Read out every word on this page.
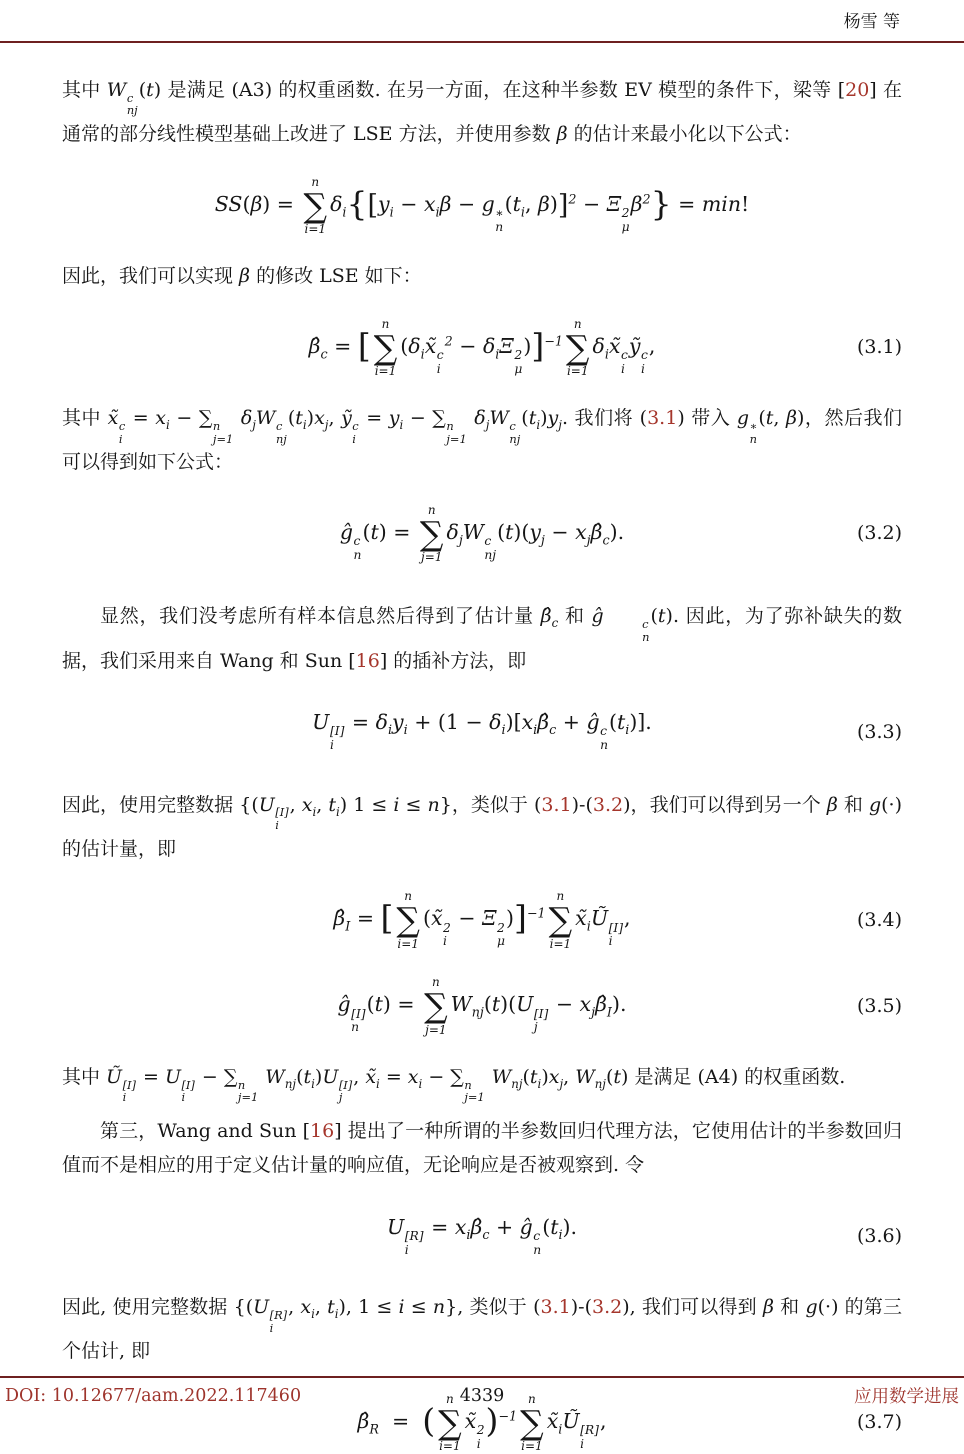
杨雪 等

其中 W c
nj
(t) 是满足 (A3) 的权重函数. 在另一方面，在这种半参数 EV 模型的条件下，梁等 [20] 在通常的部分线性模型基础上改进了 LSE 方法，并使用参数 β 的估计来最小化以下公式：

SS(β) =
n
∑
i=1
$\delta_i\{[y_i - x_i\beta - g$ ∗
n
($t_i$, β)]$^2$ − Ξ 2
μ
$\beta^2\} = \min$!

因此，我们可以实现 β 的修改 LSE 如下：

$\betâ_c$ = [
n
∑
i=1
($\delta_ix̃$ c
i
$^2 - \delta_i\Xi$ 2
μ
)]$^{-1}$
n
∑
i=1
$\delta_ix̃$ c
i
ỹ c
i
,	(3.1)

其中 x̃ c
i
= $x_i$ − ∑ n
j=1
$\delta_jW$ c
nj
$(t_i)x_j$, ỹ c
i
= $y_i$ − ∑ n
j=1
$\delta_jW$ c
nj
$(t_i)y_j$. 我们将 (3.1) 带入 g ∗
n
(t, β)，然后我们可以得到如下公式：

ĝ c
n
(t) =
n
∑
j=1
$\delta_jW$ c
nj
$(t)(y_j$ − $x_j\betâ_c$).	(3.2)

显然，我们没考虑所有样本信息然后得到了估计量 $\betâ_c$ 和 ĝ	c
n
(t). 因此，为了弥补缺失的数据，我们采用来自 Wang 和 Sun [16] 的插补方法，即

U [I]
i
= $\delta_iy_i + (1$ − $\delta_i)[x_i\betâ_c$ + ĝ c
n
$(t_i)$].	(3.3)

因此，使用完整数据 {(U [I]
i
, $x_i$, $t_i$) 1 ≤ i ≤ n}，类似于 (3.1)-(3.2)，我们可以得到另一个 β 和 g(·) 的估计量，即

$\betâ_I$ = [
n
∑
i=1
(x̃ 2
i
− Ξ 2
μ
)]$^{-1}$
n
∑
i=1
$x̃_iŨ$ [I]
i
,	(3.4)
ĝ [I]
n
(t) =
n
∑
j=1
$W_{nj}(t)(U$ [I]
j
− $x_j\betâ_I$).	(3.5)

其中 Ũ [I]
i
= U [I]
i
− ∑ n
j=1
$W_{nj}(t_i)U$ [I]
j
, $x̃_i = x_i$ − ∑ n
j=1
$W_{nj}(t_i)x_j$, $W_{nj}(t)$ 是满足 (A4) 的权重函数.

第三，Wang and Sun [16] 提出了一种所谓的半参数回归代理方法，它使用估计的半参数回归值而不是相应的用于定义估计量的响应值，无论响应是否被观察到. 令

U [R]
i
= $x_i\betâ_c$ + ĝ c
n
$(t_i)$.	(3.6)

因此, 使用完整数据 {(U [R]
i
, $x_i$, $t_i$), 1 ≤ i ≤ n}, 类似于 (3.1)-(3.2), 我们可以得到 β 和 g(·) 的第三个估计, 即

$\betâ_R$  =  (
n
∑
i=1
x̃ 2
i
)$^{-1}$
n
∑
i=1
$x̃_iŨ$ [R]
i
,	(3.7)
DOI: 10.12677/aam.2022.117460	4339	应用数学进展
